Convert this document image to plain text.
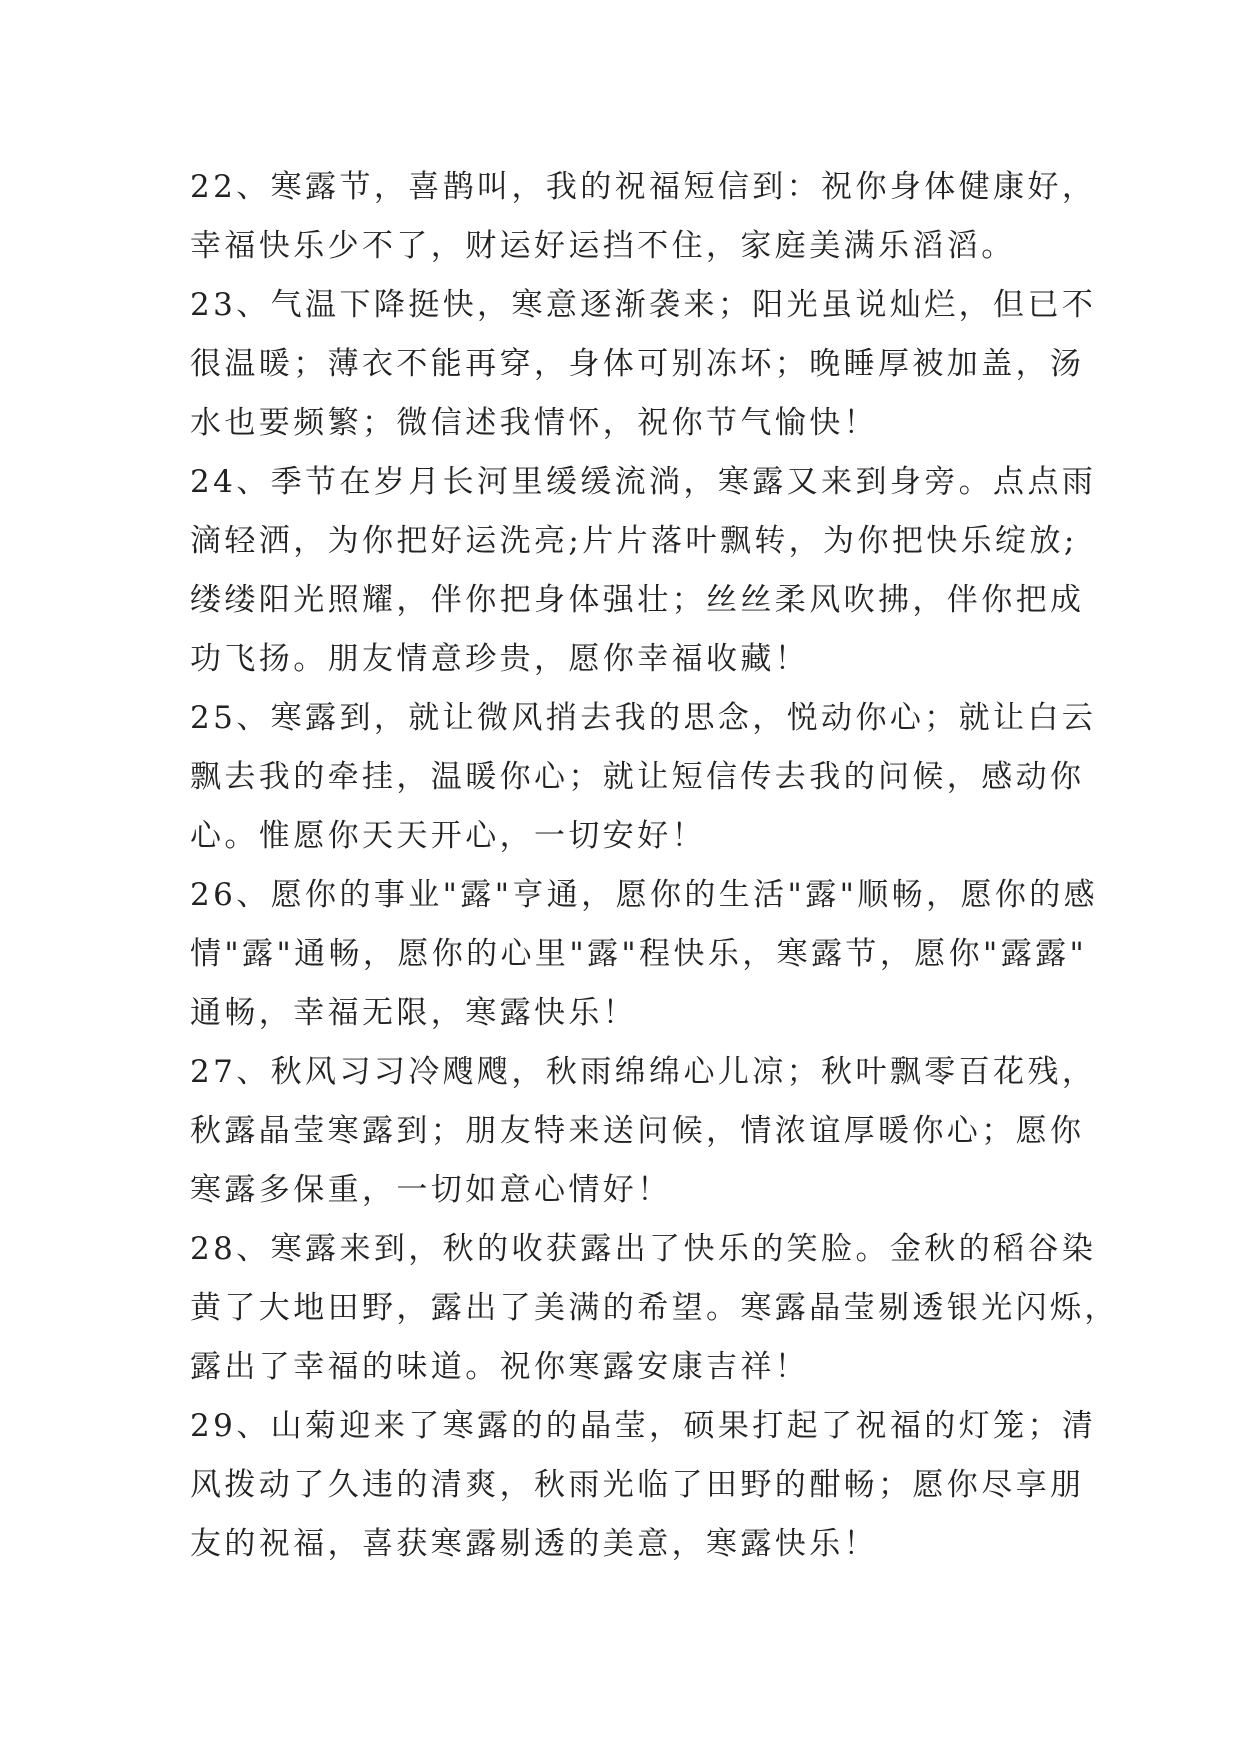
22、寒露节，喜鹊叫，我的祝福短信到：祝你身体健康好，
幸福快乐少不了，财运好运挡不住，家庭美满乐滔滔。
23、气温下降挺快，寒意逐渐袭来；阳光虽说灿烂，但已不
很温暖；薄衣不能再穿，身体可别冻坏；晚睡厚被加盖，汤
水也要频繁；微信述我情怀，祝你节气愉快！
24、季节在岁月长河里缓缓流淌，寒露又来到身旁。点点雨
滴轻洒，为你把好运洗亮;片片落叶飘转，为你把快乐绽放;
缕缕阳光照耀，伴你把身体强壮；丝丝柔风吹拂，伴你把成
功飞扬。朋友情意珍贵，愿你幸福收藏！
25、寒露到，就让微风捎去我的思念，悦动你心；就让白云
飘去我的牵挂，温暖你心；就让短信传去我的问候，感动你
心。惟愿你天天开心，一切安好！
26、愿你的事业"露"亨通，愿你的生活"露"顺畅，愿你的感
情"露"通畅，愿你的心里"露"程快乐，寒露节，愿你"露露"
通畅，幸福无限，寒露快乐！
27、秋风习习冷飕飕，秋雨绵绵心儿凉；秋叶飘零百花残，
秋露晶莹寒露到；朋友特来送问候，情浓谊厚暖你心；愿你
寒露多保重，一切如意心情好！
28、寒露来到，秋的收获露出了快乐的笑脸。金秋的稻谷染
黄了大地田野，露出了美满的希望。寒露晶莹剔透银光闪烁，
露出了幸福的味道。祝你寒露安康吉祥！
29、山菊迎来了寒露的的晶莹，硕果打起了祝福的灯笼；清
风拨动了久违的清爽，秋雨光临了田野的酣畅；愿你尽享朋
友的祝福，喜获寒露剔透的美意，寒露快乐！
